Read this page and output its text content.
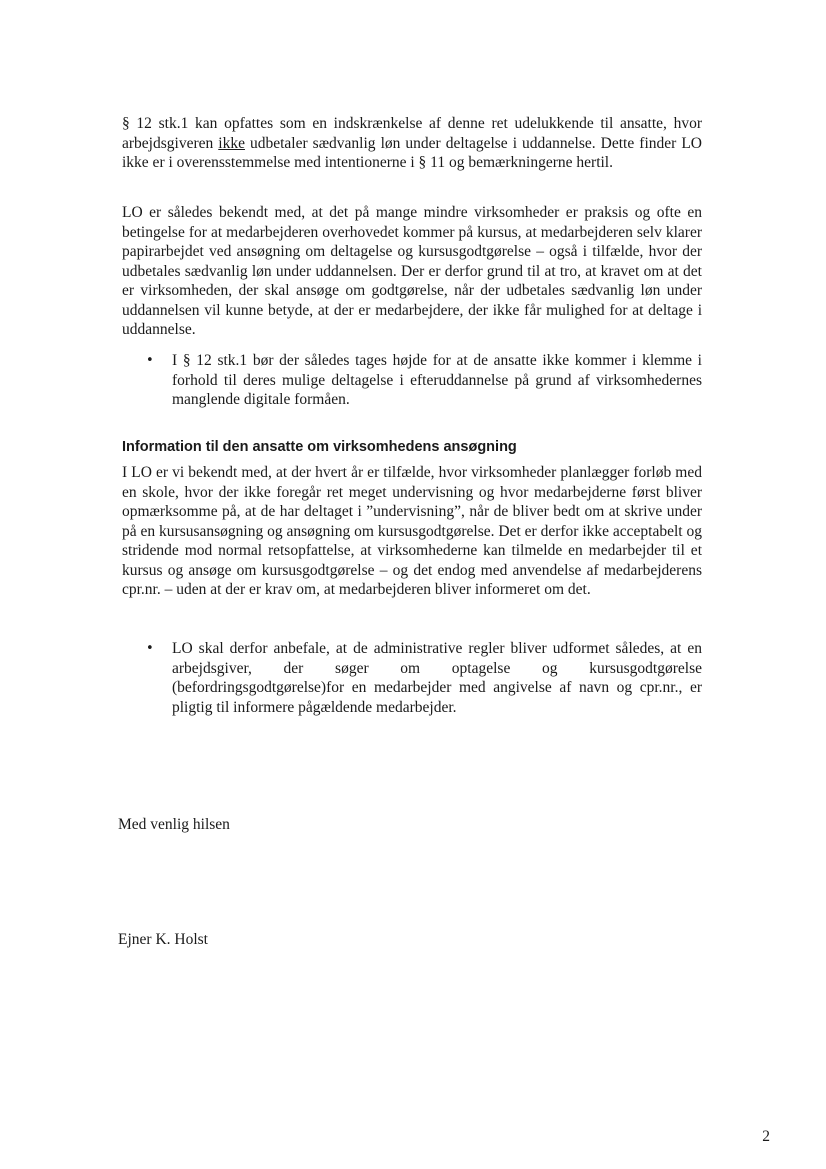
§ 12 stk.1 kan opfattes som en indskrænkelse af denne ret udelukkende til ansatte, hvor arbejdsgiveren ikke udbetaler sædvanlig løn under deltagelse i uddannelse. Dette finder LO ikke er i overensstemmelse med intentionerne i § 11 og bemærkningerne hertil.

LO er således bekendt med, at det på mange mindre virksomheder er praksis og ofte en betingelse for at medarbejderen overhovedet kommer på kursus, at medarbejderen selv klarer papirarbejdet ved ansøgning om deltagelse og kursusgodtgørelse – også i tilfælde, hvor der udbetales sædvanlig løn under uddannelsen. Der er derfor grund til at tro, at kravet om at det er virksomheden, der skal ansøge om godtgørelse, når der udbetales sædvanlig løn under uddannelsen vil kunne betyde, at der er medarbejdere, der ikke får mulighed for at deltage i uddannelse.

•	I § 12 stk.1 bør der således tages højde for at de ansatte ikke kommer i klemme i forhold til deres mulige deltagelse i efteruddannelse på grund af virksomhedernes manglende digitale formåen.
Information til den ansatte om virksomhedens ansøgning

I LO er vi bekendt med, at der hvert år er tilfælde, hvor virksomheder planlægger forløb med en skole, hvor der ikke foregår ret meget undervisning og hvor medarbejderne først bliver opmærksomme på, at de har deltaget i ”undervisning”, når de bliver bedt om at skrive under på en kursusansøgning og ansøgning om kursusgodtgørelse. Det er derfor ikke acceptabelt og stridende mod normal retsopfattelse, at virksomhederne kan tilmelde en medarbejder til et kursus og ansøge om kursusgodtgørelse – og det endog med anvendelse af medarbejderens cpr.nr. – uden at der er krav om, at medarbejderen bliver informeret om det.

•	LO skal derfor anbefale, at de administrative regler bliver udformet således, at en arbejdsgiver, der søger om optagelse og kursusgodtgørelse (befordringsgodtgørelse)for en medarbejder med angivelse af navn og cpr.nr., er pligtig til informere pågældende medarbejder.
Med venlig hilsen
Ejner K. Holst
2
